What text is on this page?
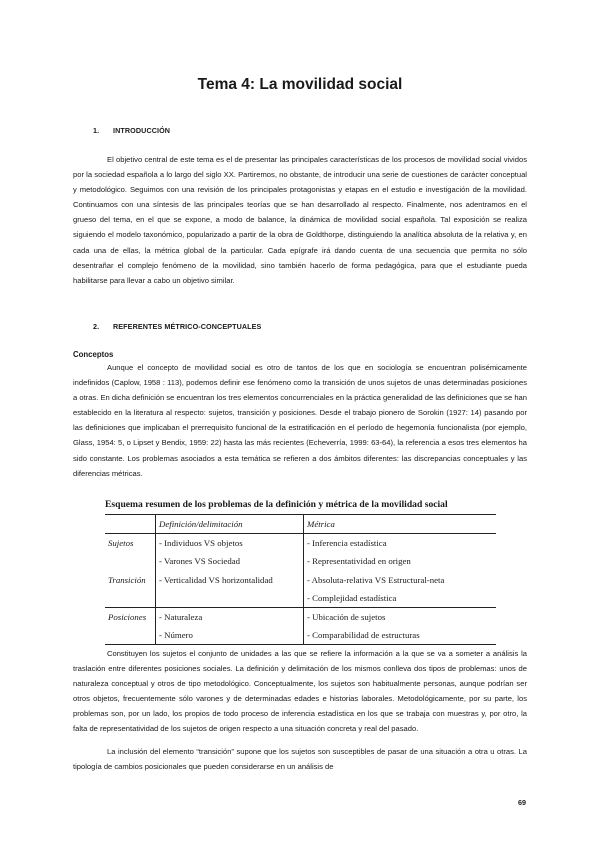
Tema 4: La movilidad social
1. INTRODUCCIÓN

El objetivo central de este tema es el de presentar las principales características de los procesos de movilidad social vividos por la sociedad española a lo largo del siglo XX. Partiremos, no obstante, de introducir una serie de cuestiones de carácter conceptual y metodológico. Seguimos con una revisión de los principales protagonistas y etapas en el estudio e investigación de la movilidad. Continuamos con una síntesis de las principales teorías que se han desarrollado al respecto. Finalmente, nos adentramos en el grueso del tema, en el que se expone, a modo de balance, la dinámica de movilidad social española. Tal exposición se realiza siguiendo el modelo taxonómico, popularizado a partir de la obra de Goldthorpe, distinguiendo la analítica absoluta de la relativa y, en cada una de ellas, la métrica global de la particular. Cada epígrafe irá dando cuenta de una secuencia que permita no sólo desentrañar el complejo fenómeno de la movilidad, sino también hacerlo de forma pedagógica, para que el estudiante pueda habilitarse para llevar a cabo un objetivo similar.

2. REFERENTES MÉTRICO-CONCEPTUALES
Conceptos

Aunque el concepto de movilidad social es otro de tantos de los que en sociología se encuentran polisémicamente indefinidos (Caplow, 1958 : 113), podemos definir ese fenómeno como la transición de unos sujetos de unas determinadas posiciones a otras. En dicha definición se encuentran los tres elementos concurrenciales en la práctica generalidad de las definiciones que se han establecido en la literatura al respecto: sujetos, transición y posiciones. Desde el trabajo pionero de Sorokin (1927: 14) pasando por las definiciones que implicaban el prerrequisito funcional de la estratificación en el período de hegemonía funcionalista (por ejemplo, Glass, 1954: 5, o Lipset y Bendix, 1959: 22) hasta las más recientes (Echeverría, 1999: 63-64), la referencia a esos tres elementos ha sido constante. Los problemas asociados a esta temática se refieren a dos ámbitos diferentes: las discrepancias conceptuales y las diferencias métricas.

Esquema resumen de los problemas de la definición y métrica de la movilidad social
	Definición/delimitación	Métrica
Sujetos	- Individuos VS objetos	- Inferencia estadística
	- Varones VS Sociedad	- Representatividad en origen
Transición	- Verticalidad VS horizontalidad	- Absoluta-relativa VS Estructural-neta
		- Complejidad estadística
Posiciones	- Naturaleza	- Ubicación de sujetos
	- Número	- Comparabilidad de estructuras

Constituyen los sujetos el conjunto de unidades a las que se refiere la información a la que se va a someter a análisis la traslación entre diferentes posiciones sociales. La definición y delimitación de los mismos conlleva dos tipos de problemas: unos de naturaleza conceptual y otros de tipo metodológico. Conceptualmente, los sujetos son habitualmente personas, aunque podrían ser otros objetos, frecuentemente sólo varones y de determinadas edades e historias laborales. Metodológicamente, por su parte, los problemas son, por un lado, los propios de todo proceso de inferencia estadística en los que se trabaja con muestras y, por otro, la falta de representatividad de los sujetos de origen respecto a una situación concreta y real del pasado.

La inclusión del elemento “transición” supone que los sujetos son susceptibles de pasar de una situación a otra u otras. La tipología de cambios posicionales que pueden considerarse en un análisis de

69
